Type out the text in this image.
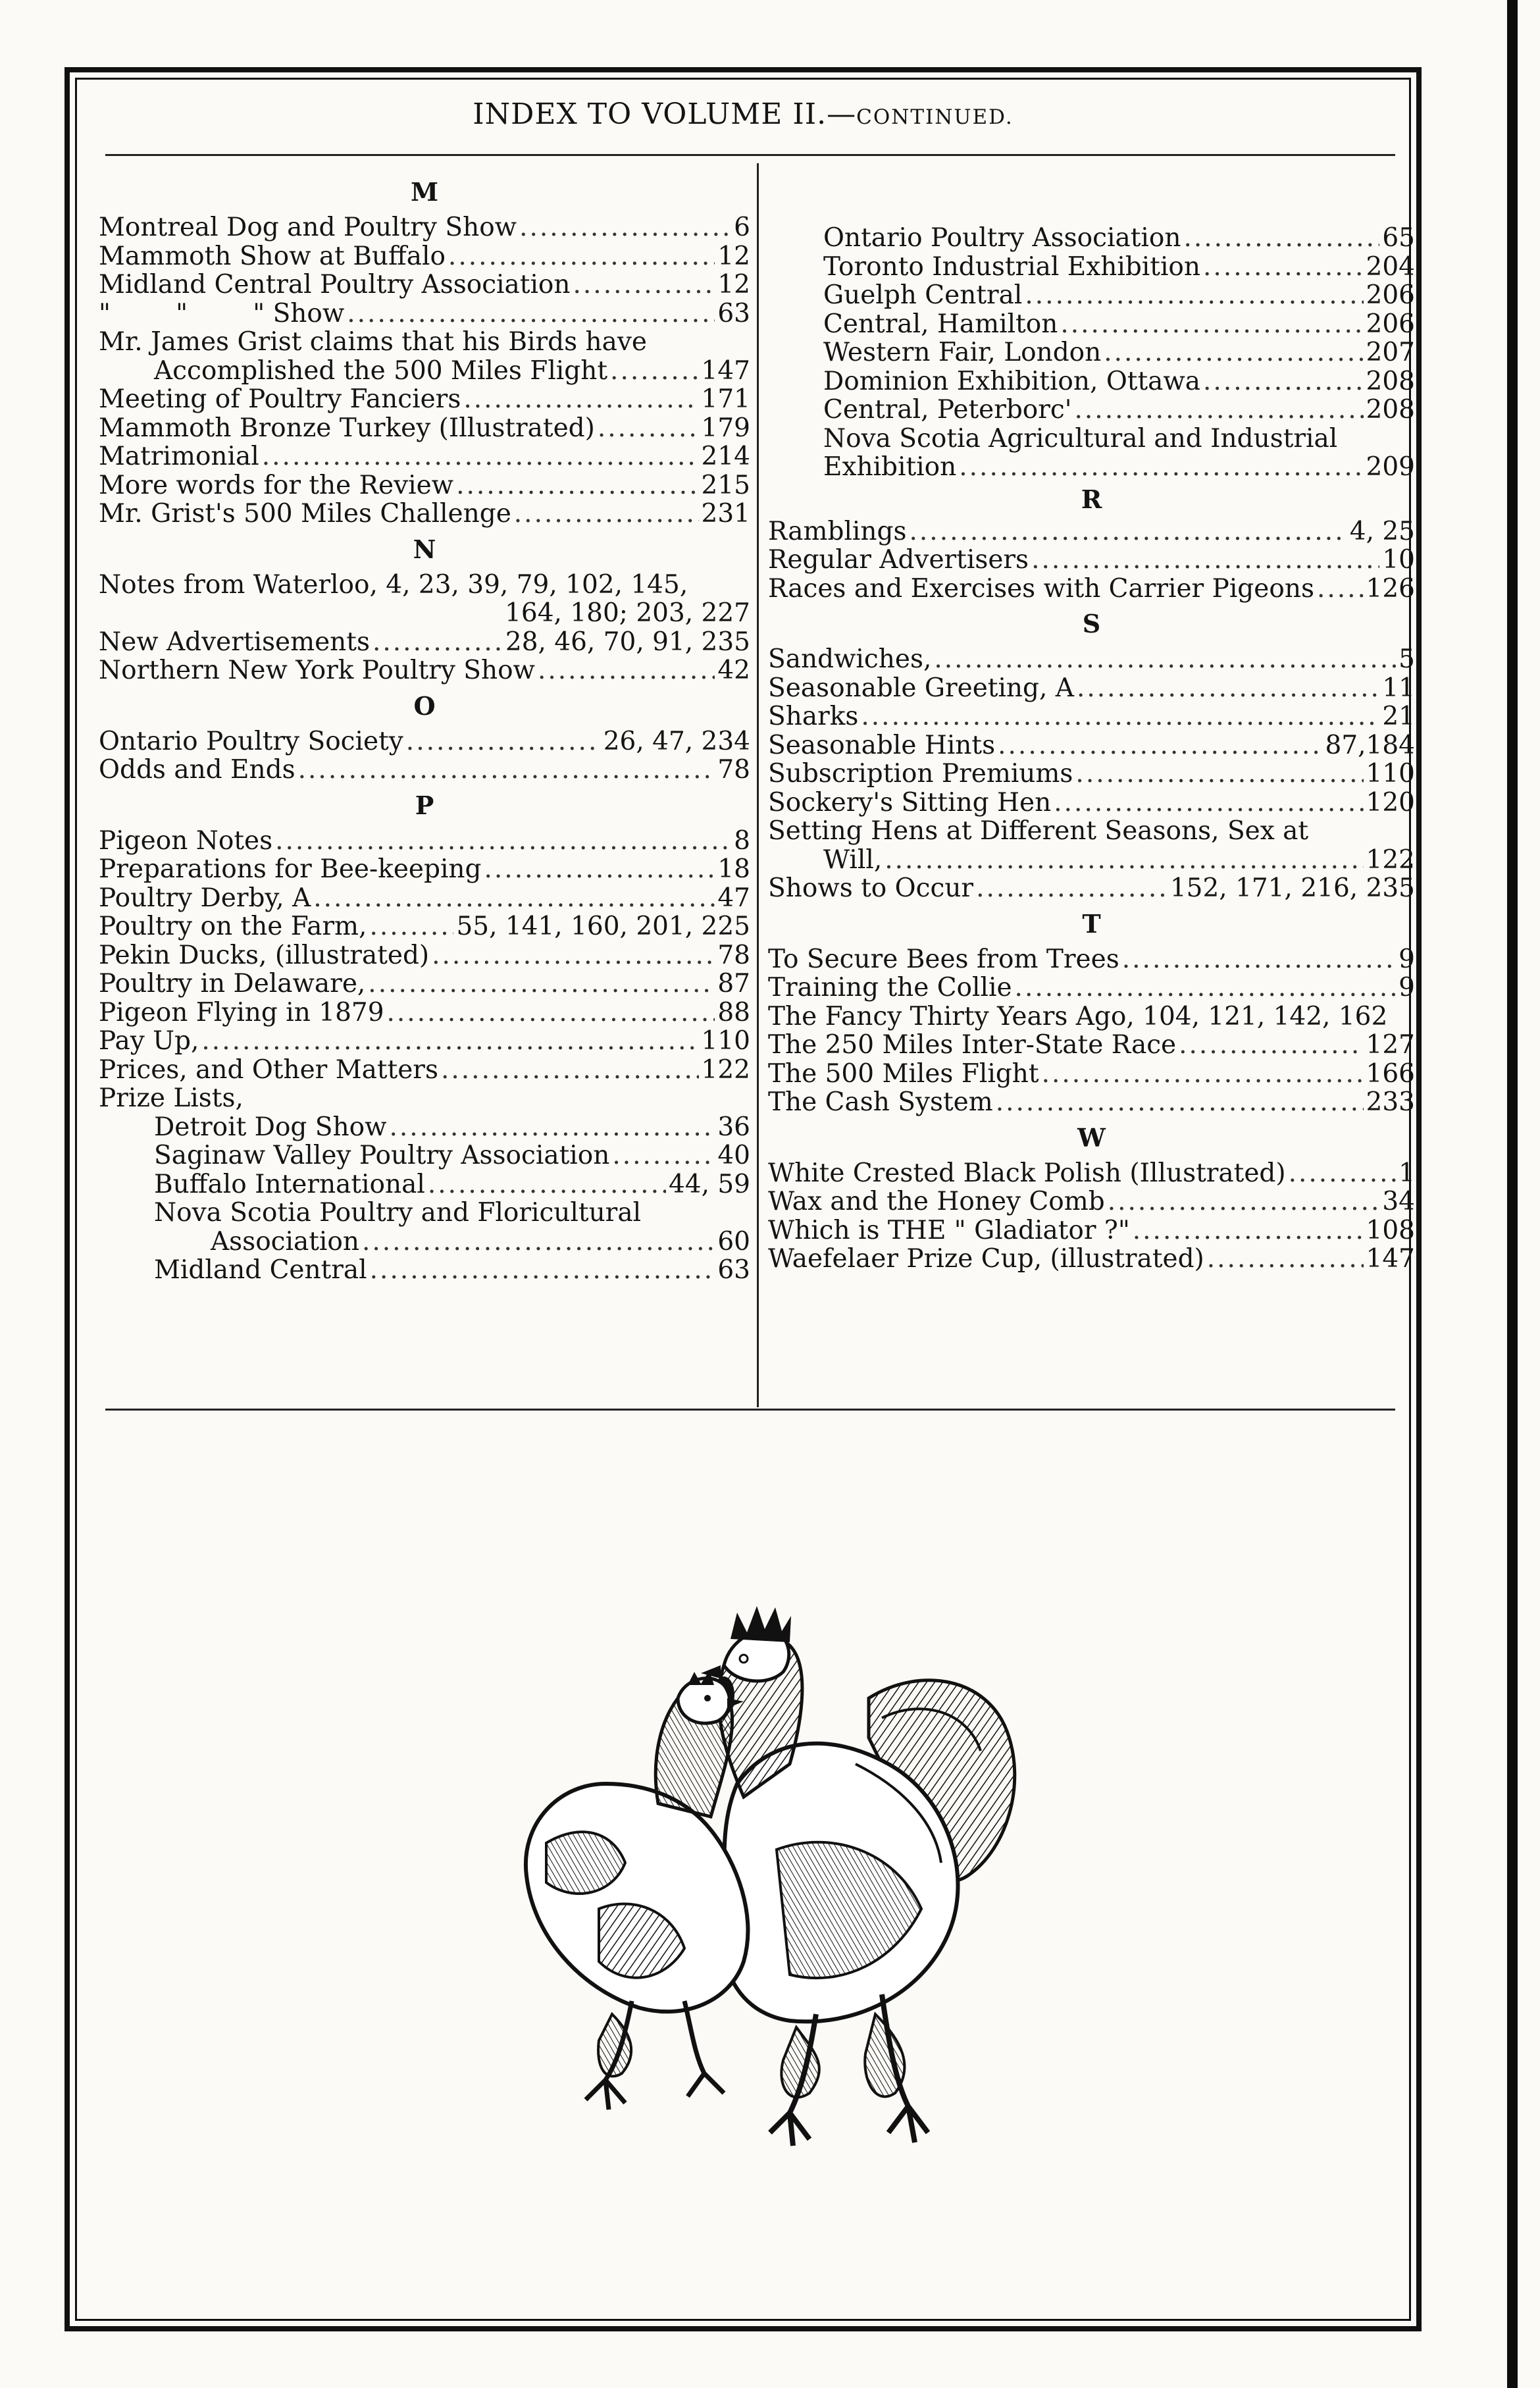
INDEX TO VOLUME II.—CONTINUED.
M
Montreal Dog and Poultry Show .....	6
Mammoth Show at Buffalo .....	12
Midland Central Poultry Association .....	12
"        "        " Show .....	63
Mr. James Grist claims that his Birds have
Accomplished the 500 Miles Flight .....	147
Meeting of Poultry Fanciers .....	171
Mammoth Bronze Turkey (Illustrated) .....	179
Matrimonial .....	214
More words for the Review .....	215
Mr. Grist's 500 Miles Challenge .....	231
N
Notes from Waterloo, 4, 23, 39, 79, 102, 145,
164, 180; 203, 227
New Advertisements .....	28, 46, 70, 91, 235
Northern New York Poultry Show .....	42
O
Ontario Poultry Society .....	26, 47, 234
Odds and Ends .....	78
P
Pigeon Notes .....	8
Preparations for Bee-keeping .....	18
Poultry Derby, A .....	47
Poultry on the Farm, .....	55, 141, 160, 201, 225
Pekin Ducks, (illustrated) .....	78
Poultry in Delaware, .....	87
Pigeon Flying in 1879 .....	88
Pay Up, .....	110
Prices, and Other Matters .....	122
Prize Lists,
Detroit Dog Show .....	36
Saginaw Valley Poultry Association .....	40
Buffalo International .....	44, 59
Nova Scotia Poultry and Floricultural
Association .....	60
Midland Central .....	63
Ontario Poultry Association .....	65
Toronto Industrial Exhibition .....	204
Guelph Central .....	206
Central, Hamilton .....	206
Western Fair, London .....	207
Dominion Exhibition, Ottawa .....	208
Central, Peterborc' .....	208
Nova Scotia Agricultural and Industrial
Exhibition .....	209
R
Ramblings .....	4, 25
Regular Advertisers .....	10
Races and Exercises with Carrier Pigeons ..... 126
S
Sandwiches, .....	5
Seasonable Greeting, A .....	11
Sharks .....	21
Seasonable Hints .....	87,184
Subscription Premiums .....	110
Sockery's Sitting Hen .....	120
Setting Hens at Different Seasons, Sex at
Will, .....	122
Shows to Occur .....	152, 171, 216, 235
T
To Secure Bees from Trees .....	9
Training the Collie .....	9
The Fancy Thirty Years Ago, 104, 121, 142, 162
The 250 Miles Inter-State Race .....	127
The 500 Miles Flight .....	166
The Cash System .....	233
W
White Crested Black Polish (Illustrated) .....	1
Wax and the Honey Comb .....	34
Which is THE " Gladiator ?" .....	108
Waefelaer Prize Cup, (illustrated) .....	147
